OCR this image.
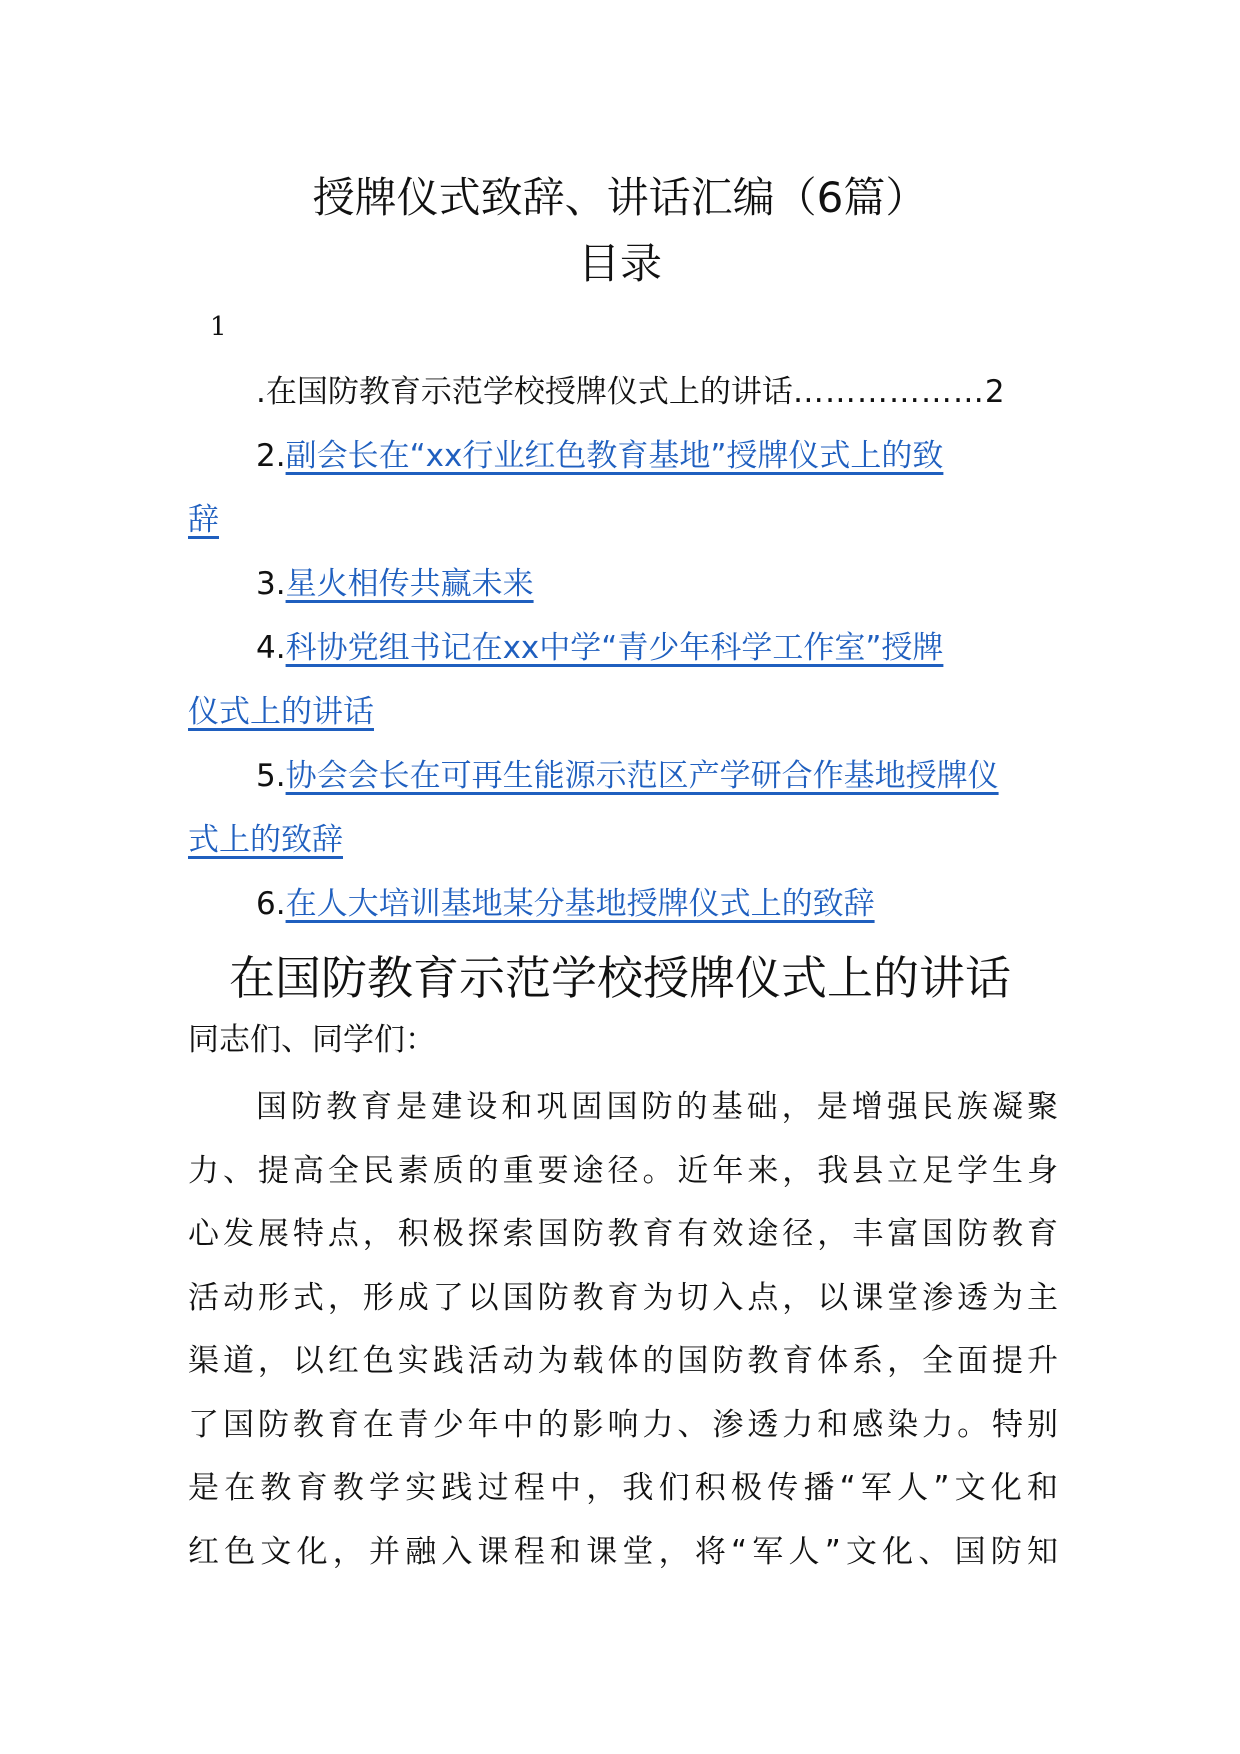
授牌仪式致辞、讲话汇编（6篇）
目录
1
.在国防教育示范学校授牌仪式上的讲话………………2
2.副会长在“xx行业红色教育基地”授牌仪式上的致
辞
3.星火相传共赢未来
4.科协党组书记在xx中学“青少年科学工作室”授牌
仪式上的讲话
5.协会会长在可再生能源示范区产学研合作基地授牌仪
式上的致辞
6.在人大培训基地某分基地授牌仪式上的致辞
在国防教育示范学校授牌仪式上的讲话
同志们、同学们：
国防教育是建设和巩固国防的基础，是增强民族凝聚
力、提高全民素质的重要途径。近年来，我县立足学生身
心发展特点，积极探索国防教育有效途径，丰富国防教育
活动形式，形成了以国防教育为切入点，以课堂渗透为主
渠道，以红色实践活动为载体的国防教育体系，全面提升
了国防教育在青少年中的影响力、渗透力和感染力。特别
是在教育教学实践过程中，我们积极传播“军人”文化和
红色文化，并融入课程和课堂，将“军人”文化、国防知
